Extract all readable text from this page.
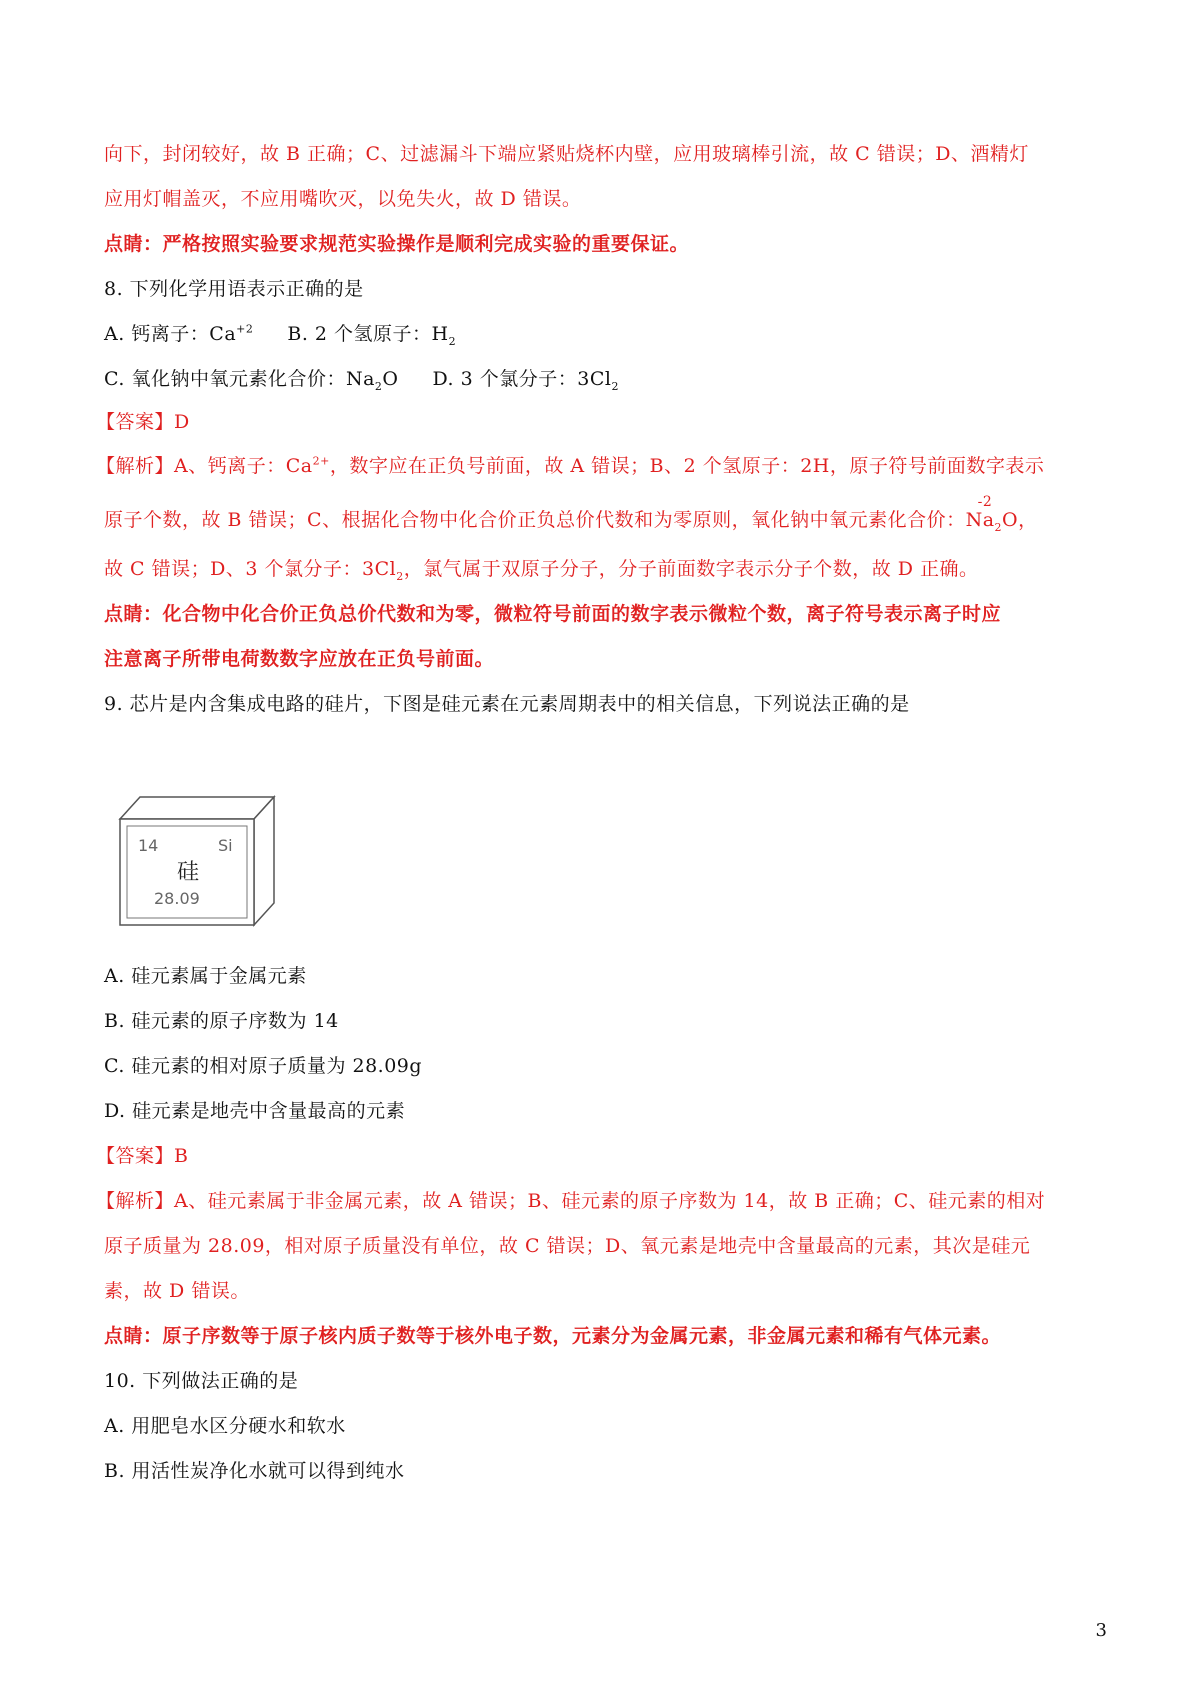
向下，封闭较好，故 B 正确；C、过滤漏斗下端应紧贴烧杯内壁，应用玻璃棒引流，故 C 错误；D、酒精灯
应用灯帽盖灭，不应用嘴吹灭，以免失火，故 D 错误。
点睛：严格按照实验要求规范实验操作是顺利完成实验的重要保证。
8. 下列化学用语表示正确的是
A. 钙离子：$Ca^{+2}$ B. 2 个氢原子：$H_2$
C. 氧化钠中氧元素化合价：$Na_2O$ D. 3 个氯分子：$3Cl_2$
【答案】D
【解析】A、钙离子：$Ca^{2+}$，数字应在正负号前面，故 A 错误；B、2 个氢原子：2H，原子符号前面数字表示
原子个数，故 B 错误；C、根据化合物中化合价正负总价代数和为零原则，氧化钠中氧元素化合价：
-2
$Na_2O$，
故 C 错误；D、3 个氯分子：$3Cl_2$，氯气属于双原子分子，分子前面数字表示分子个数，故 D 正确。
点睛：化合物中化合价正负总价代数和为零，微粒符号前面的数字表示微粒个数，离子符号表示离子时应
注意离子所带电荷数数字应放在正负号前面。
9. 芯片是内含集成电路的硅片，下图是硅元素在元素周期表中的相关信息，下列说法正确的是
14	Si
硅
28.09
A. 硅元素属于金属元素
B. 硅元素的原子序数为 14
C. 硅元素的相对原子质量为 28.09g
D. 硅元素是地壳中含量最高的元素
【答案】B
【解析】A、硅元素属于非金属元素，故 A 错误；B、硅元素的原子序数为 14，故 B 正确；C、硅元素的相对
原子质量为 28.09，相对原子质量没有单位，故 C 错误；D、氧元素是地壳中含量最高的元素，其次是硅元
素，故 D 错误。
点睛：原子序数等于原子核内质子数等于核外电子数，元素分为金属元素，非金属元素和稀有气体元素。
10. 下列做法正确的是
A. 用肥皂水区分硬水和软水
B. 用活性炭净化水就可以得到纯水
3
